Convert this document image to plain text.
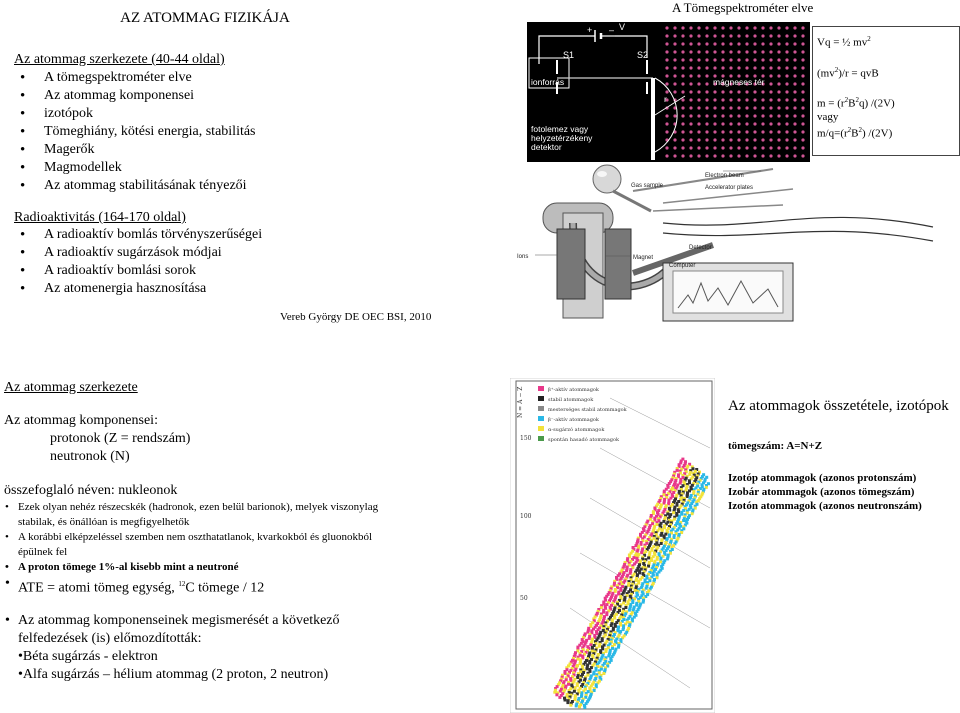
AZ ATOMMAG FIZIKÁJA
Az atommag szerkezete (40-44 oldal)
• A tömegspektrométer elve
• Az atommag komponensei
• izotópok
• Tömeghiány, kötési energia, stabilitás
• Magerők
• Magmodellek
• Az atommag stabilitásának tényezői
Radioaktivitás (164-170 oldal)
• A radioaktív bomlás törvényszerűségei
• A radioaktív sugárzások módjai
• A radioaktív bomlási sorok
• Az atomenergia hasznosítása
Vereb György DE OEC BSI, 2010
A Tömegspektrométer elve
V
+ –
S1	S2
ionforrás	mágneses tér
r
fotolemez vagy
helyzetérzékeny
detektor
Vq = ½ $mv^2$
$(mv^2)/r$ = qvB
$m = (r^2B^2q)$ /(2V)
vagy
$m/q=(r^2B^2)$ /(2V)
Electron beam
Accelerator plates
Gas sample
Ions	Magnet
Computer
Detector
Az atommag szerkezete
Az atommag komponensei:
protonok (Z = rendszám)
neutronok (N)
összefoglaló néven: nukleonok
• Ezek olyan nehéz részecskék (hadronok, ezen belül barionok), melyek viszonylag stabilak, és önállóan is megfigyelhetők
• A korábbi elképzeléssel szemben nem oszthatatlanok, kvarkokból és gluonokból épülnek fel
• A proton tömege 1%-al kisebb mint a neutroné
• ATE = atomi tömeg egység, $^{12}$C tömege / 12
• Az atommag komponenseinek megismerését a következő felfedezések (is) előmozdították:
•Béta sugárzás - elektron
•Alfa sugárzás – hélium atommag (2 proton, 2 neutron)
N = A − Z
150
100
50
β⁺-aktív atommagok
stabil atommagok
mesterséges stabil atommagok
β⁻-aktív atommagok
α-sugárzó atommagok
spontán hasadó atommagok
Az atommagok összetétele, izotópok
tömegszám: A=N+Z
Izotóp atommagok (azonos protonszám)
Izobár atommagok (azonos tömegszám)
Izotón atommagok (azonos neutronszám)
